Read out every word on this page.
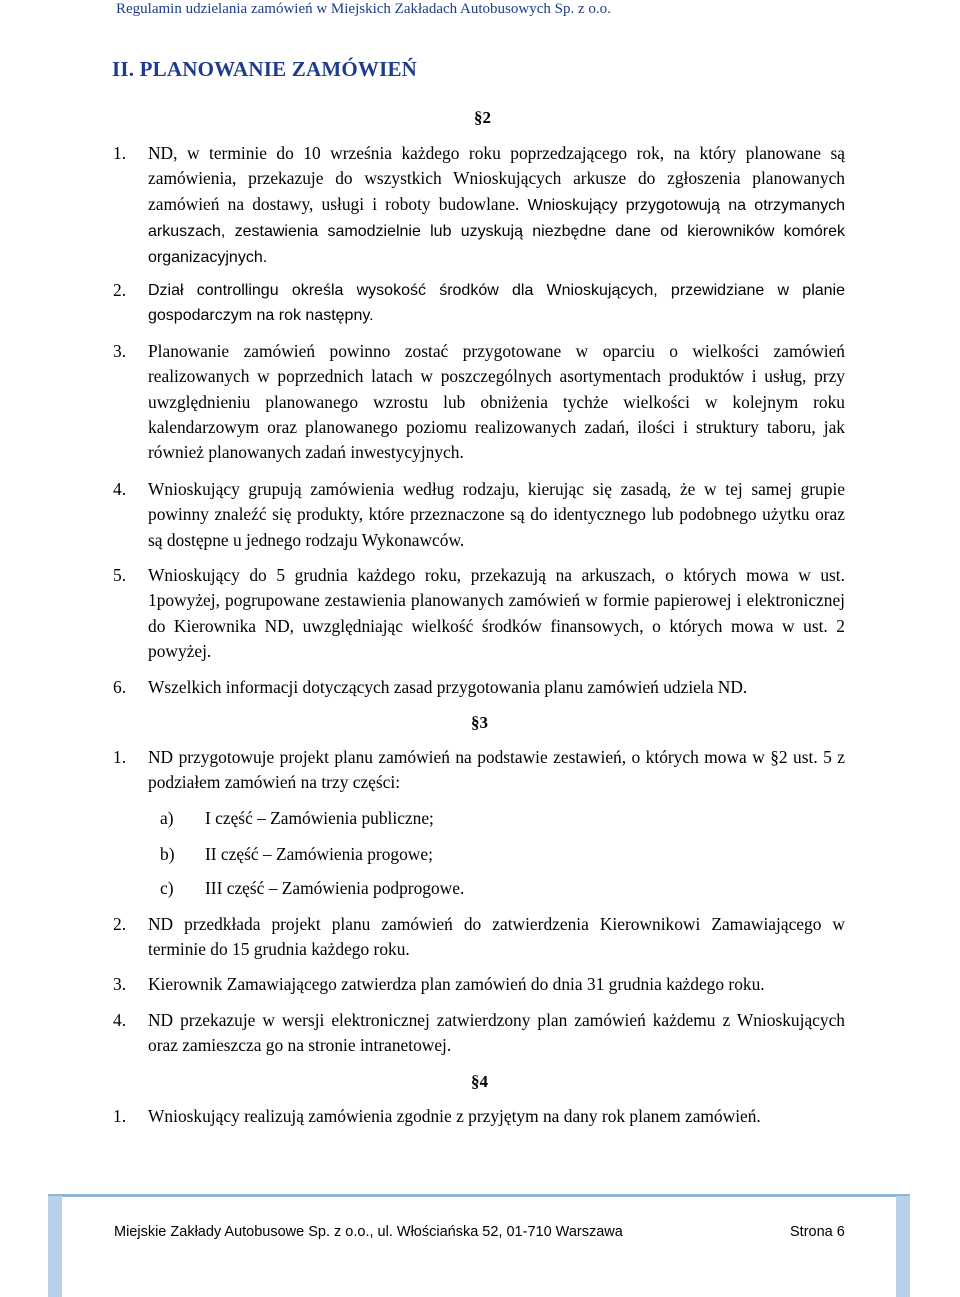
Regulamin udzielania zamówień w Miejskich Zakładach Autobusowych Sp. z o.o.
II. PLANOWANIE ZAMÓWIEŃ
§2
1. ND, w terminie do 10 września każdego roku poprzedzającego rok, na który planowane są zamówienia, przekazuje do wszystkich Wnioskujących arkusze do zgłoszenia planowanych zamówień na dostawy, usługi i roboty budowlane. Wnioskujący przygotowują na otrzymanych arkuszach, zestawienia samodzielnie lub uzyskują niezbędne dane od kierowników komórek organizacyjnych.
2. Dział controllingu określa wysokość środków dla Wnioskujących, przewidziane w planie gospodarczym na rok następny.
3. Planowanie zamówień powinno zostać przygotowane w oparciu o wielkości zamówień realizowanych w poprzednich latach w poszczególnych asortymentach produktów i usług, przy uwzględnieniu planowanego wzrostu lub obniżenia tychże wielkości w kolejnym roku kalendarzowym oraz planowanego poziomu realizowanych zadań, ilości i struktury taboru, jak również planowanych zadań inwestycyjnych.
4. Wnioskujący grupują zamówienia według rodzaju, kierując się zasadą, że w tej samej grupie powinny znaleźć się produkty, które przeznaczone są do identycznego lub podobnego użytku oraz są dostępne u jednego rodzaju Wykonawców.
5. Wnioskujący do 5 grudnia każdego roku, przekazują na arkuszach, o których mowa w ust. 1powyżej, pogrupowane zestawienia planowanych zamówień w formie papierowej i elektronicznej do Kierownika ND, uwzględniając wielkość środków finansowych, o których mowa w ust. 2 powyżej.
6. Wszelkich informacji dotyczących zasad przygotowania planu zamówień udziela ND.
§3
1. ND przygotowuje projekt planu zamówień na podstawie zestawień, o których mowa w §2 ust. 5 z podziałem zamówień na trzy części:
a) I część – Zamówienia publiczne;
b) II część – Zamówienia progowe;
c) III część – Zamówienia podprogowe.
2. ND przedkłada projekt planu zamówień do zatwierdzenia Kierownikowi Zamawiającego w terminie do 15 grudnia każdego roku.
3. Kierownik Zamawiającego zatwierdza plan zamówień do dnia 31 grudnia każdego roku.
4. ND przekazuje w wersji elektronicznej zatwierdzony plan zamówień każdemu z Wnioskujących oraz zamieszcza go na stronie intranetowej.
§4
1. Wnioskujący realizują zamówienia zgodnie z przyjętym na dany rok planem zamówień.
Miejskie Zakłady Autobusowe Sp. z o.o., ul. Włościańska 52, 01-710 Warszawa	Strona 6
